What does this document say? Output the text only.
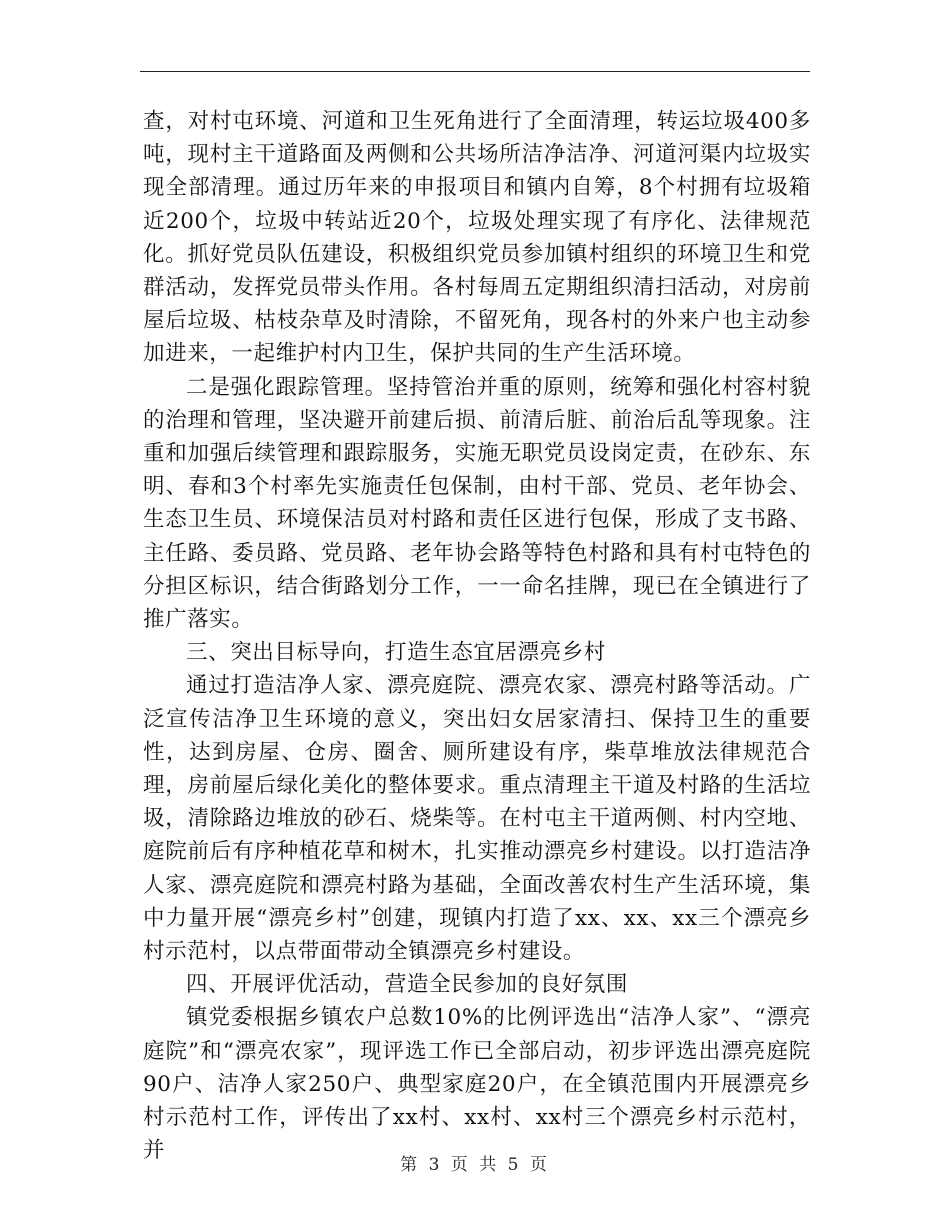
查，对村屯环境、河道和卫生死角进行了全面清理，转运垃圾400多吨，现村主干道路面及两侧和公共场所洁净洁净、河道河渠内垃圾实现全部清理。通过历年来的申报项目和镇内自筹，8个村拥有垃圾箱近200个，垃圾中转站近20个，垃圾处理实现了有序化、法律规范化。抓好党员队伍建设，积极组织党员参加镇村组织的环境卫生和党群活动，发挥党员带头作用。各村每周五定期组织清扫活动，对房前屋后垃圾、枯枝杂草及时清除，不留死角，现各村的外来户也主动参加进来，一起维护村内卫生，保护共同的生产生活环境。

二是强化跟踪管理。坚持管治并重的原则，统筹和强化村容村貌的治理和管理，坚决避开前建后损、前清后脏、前治后乱等现象。注重和加强后续管理和跟踪服务，实施无职党员设岗定责，在砂东、东明、春和3个村率先实施责任包保制，由村干部、党员、老年协会、生态卫生员、环境保洁员对村路和责任区进行包保，形成了支书路、主任路、委员路、党员路、老年协会路等特色村路和具有村屯特色的分担区标识，结合街路划分工作，一一命名挂牌，现已在全镇进行了推广落实。

三、突出目标导向，打造生态宜居漂亮乡村

通过打造洁净人家、漂亮庭院、漂亮农家、漂亮村路等活动。广泛宣传洁净卫生环境的意义，突出妇女居家清扫、保持卫生的重要性，达到房屋、仓房、圈舍、厕所建设有序，柴草堆放法律规范合理，房前屋后绿化美化的整体要求。重点清理主干道及村路的生活垃圾，清除路边堆放的砂石、烧柴等。在村屯主干道两侧、村内空地、庭院前后有序种植花草和树木，扎实推动漂亮乡村建设。以打造洁净人家、漂亮庭院和漂亮村路为基础，全面改善农村生产生活环境，集中力量开展“漂亮乡村”创建，现镇内打造了xx、xx、xx三个漂亮乡村示范村，以点带面带动全镇漂亮乡村建设。

四、开展评优活动，营造全民参加的良好氛围

镇党委根据乡镇农户总数10%的比例评选出“洁净人家”、“漂亮庭院”和“漂亮农家”，现评选工作已全部启动，初步评选出漂亮庭院90户、洁净人家250户、典型家庭20户，在全镇范围内开展漂亮乡村示范村工作，评传出了xx村、xx村、xx村三个漂亮乡村示范村，并

第 3 页 共 5 页
